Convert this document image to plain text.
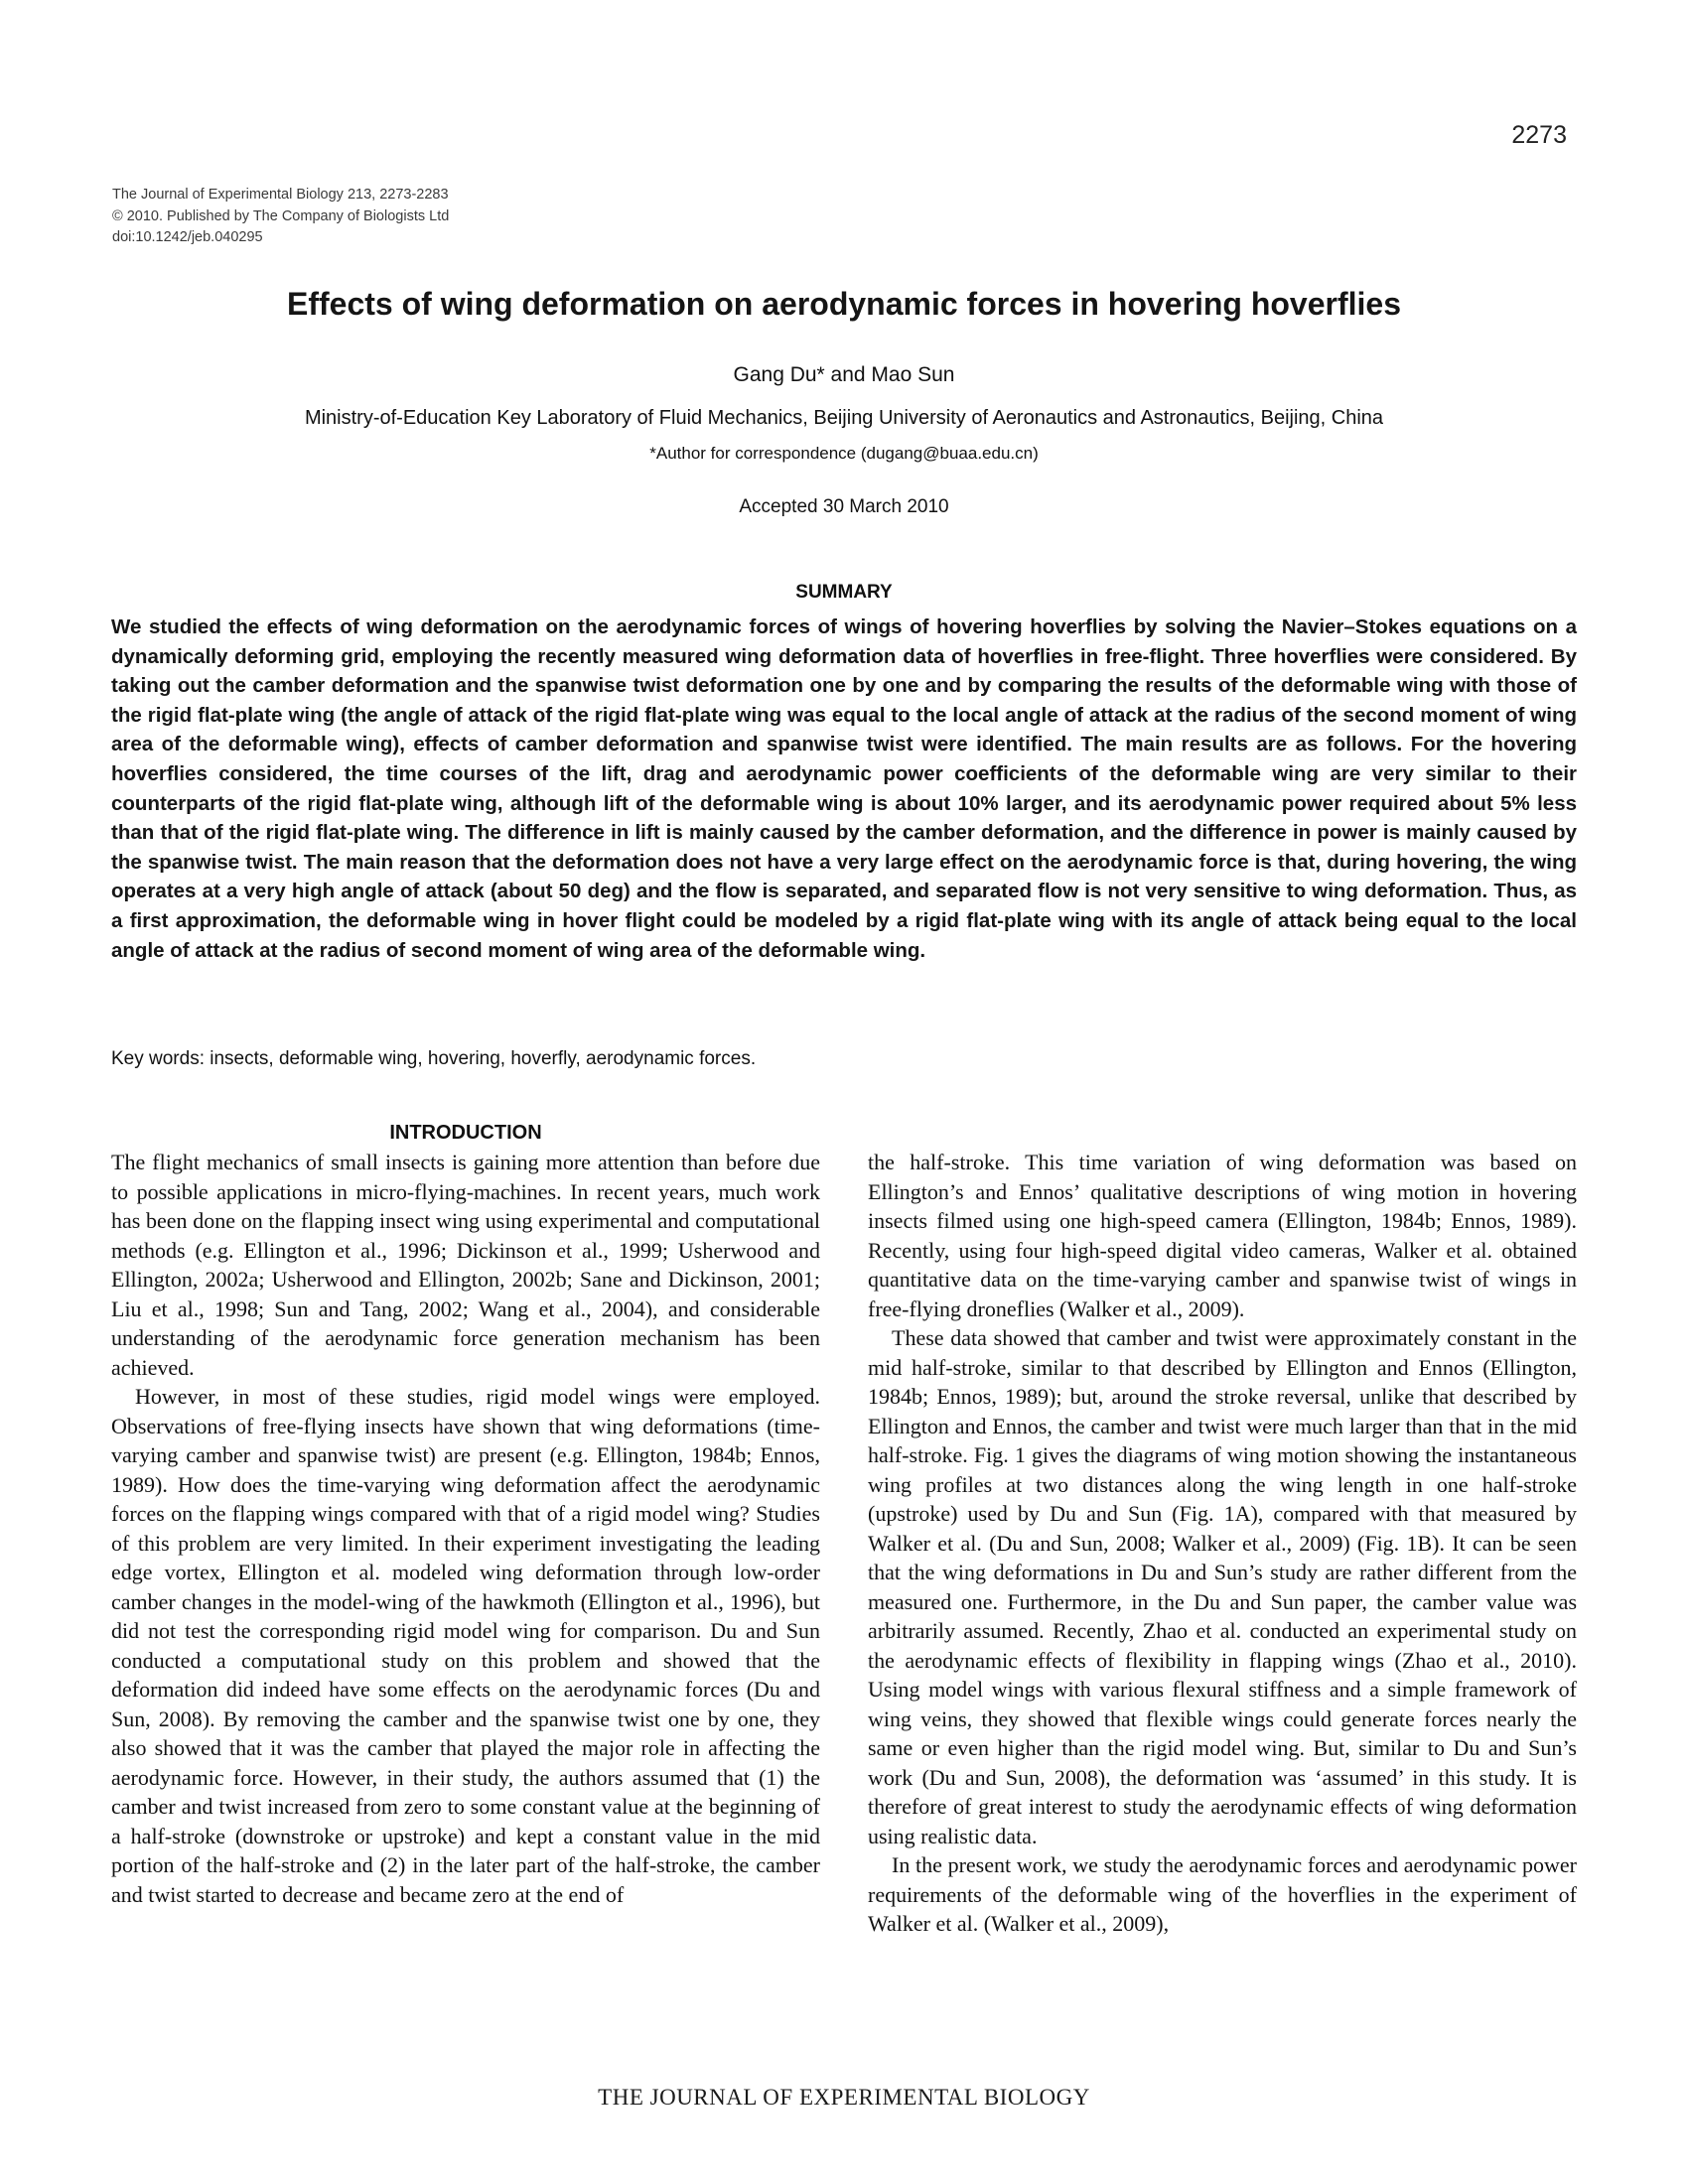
2273
The Journal of Experimental Biology 213, 2273-2283
© 2010. Published by The Company of Biologists Ltd
doi:10.1242/jeb.040295
Effects of wing deformation on aerodynamic forces in hovering hoverflies
Gang Du* and Mao Sun
Ministry-of-Education Key Laboratory of Fluid Mechanics, Beijing University of Aeronautics and Astronautics, Beijing, China
*Author for correspondence (dugang@buaa.edu.cn)
Accepted 30 March 2010
SUMMARY

We studied the effects of wing deformation on the aerodynamic forces of wings of hovering hoverflies by solving the Navier–Stokes equations on a dynamically deforming grid, employing the recently measured wing deformation data of hoverflies in free-flight. Three hoverflies were considered. By taking out the camber deformation and the spanwise twist deformation one by one and by comparing the results of the deformable wing with those of the rigid flat-plate wing (the angle of attack of the rigid flat-plate wing was equal to the local angle of attack at the radius of the second moment of wing area of the deformable wing), effects of camber deformation and spanwise twist were identified. The main results are as follows. For the hovering hoverflies considered, the time courses of the lift, drag and aerodynamic power coefficients of the deformable wing are very similar to their counterparts of the rigid flat-plate wing, although lift of the deformable wing is about 10% larger, and its aerodynamic power required about 5% less than that of the rigid flat-plate wing. The difference in lift is mainly caused by the camber deformation, and the difference in power is mainly caused by the spanwise twist. The main reason that the deformation does not have a very large effect on the aerodynamic force is that, during hovering, the wing operates at a very high angle of attack (about 50 deg) and the flow is separated, and separated flow is not very sensitive to wing deformation. Thus, as a first approximation, the deformable wing in hover flight could be modeled by a rigid flat-plate wing with its angle of attack being equal to the local angle of attack at the radius of second moment of wing area of the deformable wing.

Key words: insects, deformable wing, hovering, hoverfly, aerodynamic forces.

INTRODUCTION

The flight mechanics of small insects is gaining more attention than before due to possible applications in micro-flying-machines. In recent years, much work has been done on the flapping insect wing using experimental and computational methods (e.g. Ellington et al., 1996; Dickinson et al., 1999; Usherwood and Ellington, 2002a; Usherwood and Ellington, 2002b; Sane and Dickinson, 2001; Liu et al., 1998; Sun and Tang, 2002; Wang et al., 2004), and considerable understanding of the aerodynamic force generation mechanism has been achieved.

However, in most of these studies, rigid model wings were employed. Observations of free-flying insects have shown that wing deformations (time-varying camber and spanwise twist) are present (e.g. Ellington, 1984b; Ennos, 1989). How does the time-varying wing deformation affect the aerodynamic forces on the flapping wings compared with that of a rigid model wing? Studies of this problem are very limited. In their experiment investigating the leading edge vortex, Ellington et al. modeled wing deformation through low-order camber changes in the model-wing of the hawkmoth (Ellington et al., 1996), but did not test the corresponding rigid model wing for comparison. Du and Sun conducted a computational study on this problem and showed that the deformation did indeed have some effects on the aerodynamic forces (Du and Sun, 2008). By removing the camber and the spanwise twist one by one, they also showed that it was the camber that played the major role in affecting the aerodynamic force. However, in their study, the authors assumed that (1) the camber and twist increased from zero to some constant value at the beginning of a half-stroke (downstroke or upstroke) and kept a constant value in the mid portion of the half-stroke and (2) in the later part of the half-stroke, the camber and twist started to decrease and became zero at the end of

the half-stroke. This time variation of wing deformation was based on Ellington’s and Ennos’ qualitative descriptions of wing motion in hovering insects filmed using one high-speed camera (Ellington, 1984b; Ennos, 1989). Recently, using four high-speed digital video cameras, Walker et al. obtained quantitative data on the time-varying camber and spanwise twist of wings in free-flying droneflies (Walker et al., 2009).

These data showed that camber and twist were approximately constant in the mid half-stroke, similar to that described by Ellington and Ennos (Ellington, 1984b; Ennos, 1989); but, around the stroke reversal, unlike that described by Ellington and Ennos, the camber and twist were much larger than that in the mid half-stroke. Fig. 1 gives the diagrams of wing motion showing the instantaneous wing profiles at two distances along the wing length in one half-stroke (upstroke) used by Du and Sun (Fig. 1A), compared with that measured by Walker et al. (Du and Sun, 2008; Walker et al., 2009) (Fig. 1B). It can be seen that the wing deformations in Du and Sun’s study are rather different from the measured one. Furthermore, in the Du and Sun paper, the camber value was arbitrarily assumed. Recently, Zhao et al. conducted an experimental study on the aerodynamic effects of flexibility in flapping wings (Zhao et al., 2010). Using model wings with various flexural stiffness and a simple framework of wing veins, they showed that flexible wings could generate forces nearly the same or even higher than the rigid model wing. But, similar to Du and Sun’s work (Du and Sun, 2008), the deformation was ‘assumed’ in this study. It is therefore of great interest to study the aerodynamic effects of wing deformation using realistic data.

In the present work, we study the aerodynamic forces and aerodynamic power requirements of the deformable wing of the hoverflies in the experiment of Walker et al. (Walker et al., 2009),

THE JOURNAL OF EXPERIMENTAL BIOLOGY
